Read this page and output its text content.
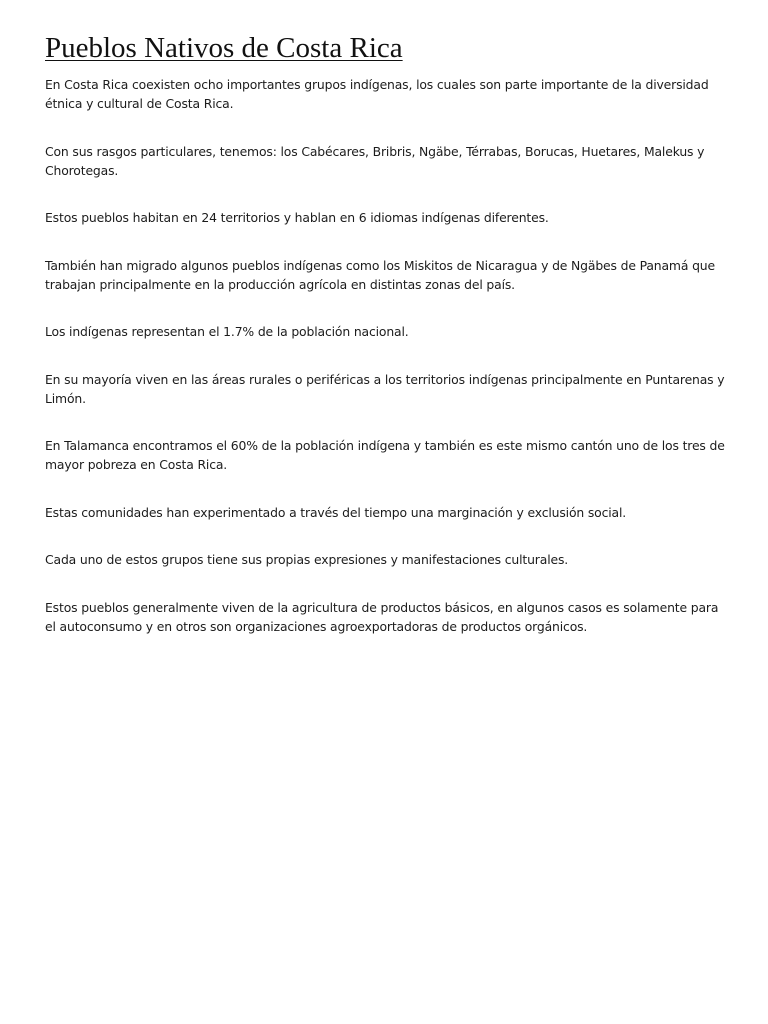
Pueblos Nativos de Costa Rica

En Costa Rica coexisten ocho importantes grupos indígenas, los cuales son parte importante de la diversidad étnica y cultural de Costa Rica.

Con sus rasgos particulares, tenemos: los Cabécares, Bribris, Ngäbe, Térrabas, Borucas, Huetares, Malekus y Chorotegas.

Estos pueblos habitan en 24 territorios y hablan en 6 idiomas indígenas diferentes.

También han migrado algunos pueblos indígenas como los Miskitos de Nicaragua y de Ngäbes de Panamá que trabajan principalmente en la producción agrícola en distintas zonas del país.

Los indígenas representan el 1.7% de la población nacional.

En su mayoría viven en las áreas rurales o periféricas a los territorios indígenas principalmente en Puntarenas y Limón.

En Talamanca encontramos el 60% de la población indígena y también es este mismo cantón uno de los tres de mayor pobreza en Costa Rica.

Estas comunidades han experimentado a través del tiempo una marginación y exclusión social.

Cada uno de estos grupos tiene sus propias expresiones y manifestaciones culturales.

Estos pueblos generalmente viven de la agricultura de productos básicos, en algunos casos es solamente para el autoconsumo y en otros son organizaciones agroexportadoras de productos orgánicos.
